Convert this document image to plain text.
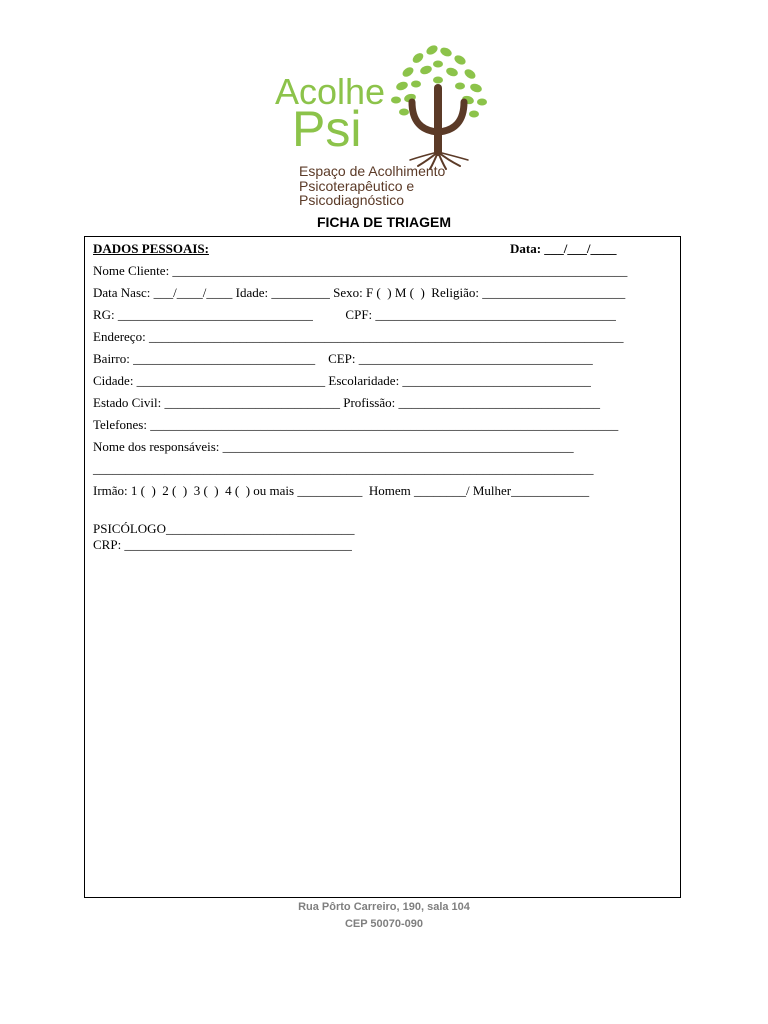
Acolhe
Psi
Espaço de Acolhimento
Psicoterapêutico e
Psicodiagnóstico
FICHA DE TRIAGEM
DADOS PESSOAIS:	Data: ___/___/____
Nome Cliente: ______________________________________________________________________
Data Nasc: ___/____/____ Idade: _________ Sexo: F (  ) M (  )  Religião: ______________________
RG: ______________________________          CPF: _____________________________________
Endereço: _________________________________________________________________________
Bairro: ____________________________    CEP: ____________________________________
Cidade: _____________________________ Escolaridade: _____________________________
Estado Civil: ___________________________ Profissão: _______________________________
Telefones: ________________________________________________________________________
Nome dos responsáveis: ______________________________________________________
_____________________________________________________________________________
Irmão: 1 (  )  2 (  )  3 (  )  4 (  ) ou mais __________  Homem ________/ Mulher____________
PSICÓLOGO_____________________________
CRP: ___________________________________
Rua Pôrto Carreiro, 190, sala 104
CEP 50070-090
